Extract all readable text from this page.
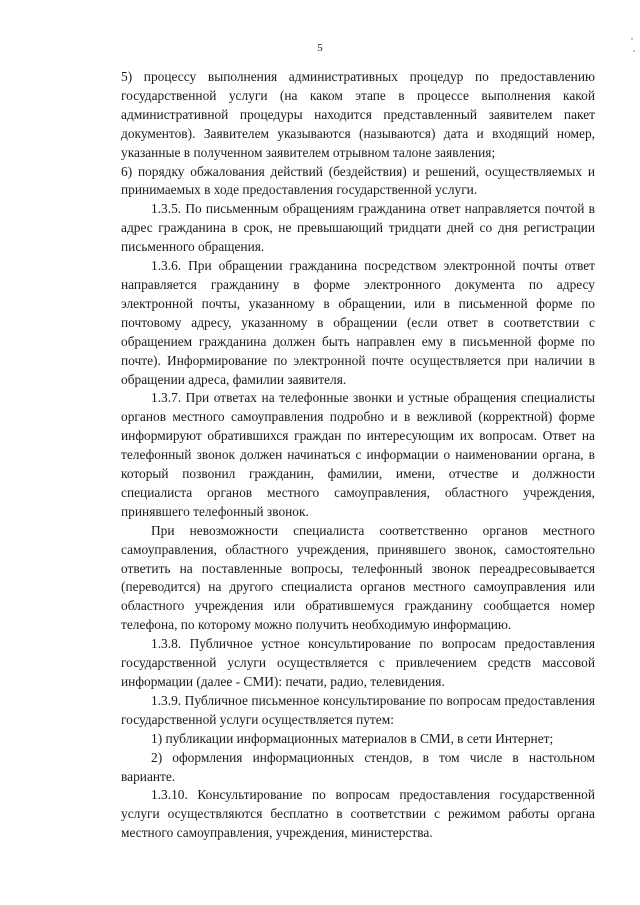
5

5) процессу выполнения административных процедур по предоставлению государственной услуги (на каком этапе в процессе выполнения какой административной процедуры находится представленный заявителем пакет документов). Заявителем указываются (называются) дата и входящий номер, указанные в полученном заявителем отрывном талоне заявления;

6) порядку обжалования действий (бездействия) и решений, осуществляемых и принимаемых в ходе предоставления государственной услуги.

1.3.5. По письменным обращениям гражданина ответ направляется почтой в адрес гражданина в срок, не превышающий тридцати дней со дня регистрации письменного обращения.

1.3.6. При обращении гражданина посредством электронной почты ответ направляется гражданину в форме электронного документа по адресу электронной почты, указанному в обращении, или в письменной форме по почтовому адресу, указанному в обращении (если ответ в соответствии с обращением гражданина должен быть направлен ему в письменной форме по почте). Информирование по электронной почте осуществляется при наличии в обращении адреса, фамилии заявителя.

1.3.7. При ответах на телефонные звонки и устные обращения специалисты органов местного самоуправления подробно и в вежливой (корректной) форме информируют обратившихся граждан по интересующим их вопросам. Ответ на телефонный звонок должен начинаться с информации о наименовании органа, в который позвонил гражданин, фамилии, имени, отчестве и должности специалиста органов местного самоуправления, областного учреждения, принявшего телефонный звонок.

При невозможности специалиста соответственно органов местного самоуправления, областного учреждения, принявшего звонок, самостоятельно ответить на поставленные вопросы, телефонный звонок переадресовывается (переводится) на другого специалиста органов местного самоуправления или областного учреждения или обратившемуся гражданину сообщается номер телефона, по которому можно получить необходимую информацию.

1.3.8. Публичное устное консультирование по вопросам предоставления государственной услуги осуществляется с привлечением средств массовой информации (далее - СМИ): печати, радио, телевидения.

1.3.9. Публичное письменное консультирование по вопросам предоставления государственной услуги осуществляется путем:

1) публикации информационных материалов в СМИ, в сети Интернет;

2) оформления информационных стендов, в том числе в настольном варианте.

1.3.10. Консультирование по вопросам предоставления государственной услуги осуществляются бесплатно в соответствии с режимом работы органа местного самоуправления, учреждения, министерства.
